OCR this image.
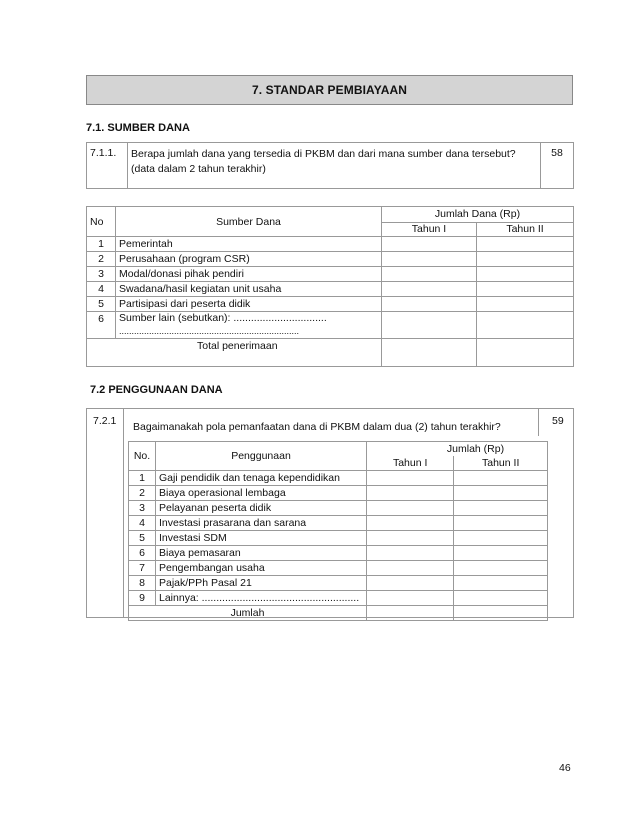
7. STANDAR PEMBIAYAAN
7.1. SUMBER DANA
7.1.1.	Berapa jumlah dana yang tersedia di PKBM dan dari mana sumber dana tersebut? (data dalam 2 tahun terakhir)	58
No	Sumber Dana	Jumlah Dana (Rp)	
		Tahun I	Tahun II
1	Pemerintah		
2	Perusahaan (program CSR)		
3	Modal/donasi pihak pendiri		
4	Swadana/hasil kegiatan unit usaha		
5	Partisipasi dari peserta didik		
6	Sumber lain (sebutkan): ................................
........................................................................		

Total penerimaan			
7.2 PENGGUNAAN DANA
7.2.1 Bagaimanakah pola pemanfaatan dana di PKBM dalam dua (2) tahun terakhir?	59
No.	Penggunaan	Jumlah (Rp)	
		Tahun I	Tahun II
1	Gaji pendidik dan tenaga kependidikan		
2	Biaya operasional lembaga		
3	Pelayanan peserta didik		
4	Investasi prasarana dan sarana		
5	Investasi SDM		
6	Biaya pemasaran		
7	Pengembangan usaha		
8	Pajak/PPh Pasal 21		
9	Lainnya: ......................................................		
Jumlah			
46
